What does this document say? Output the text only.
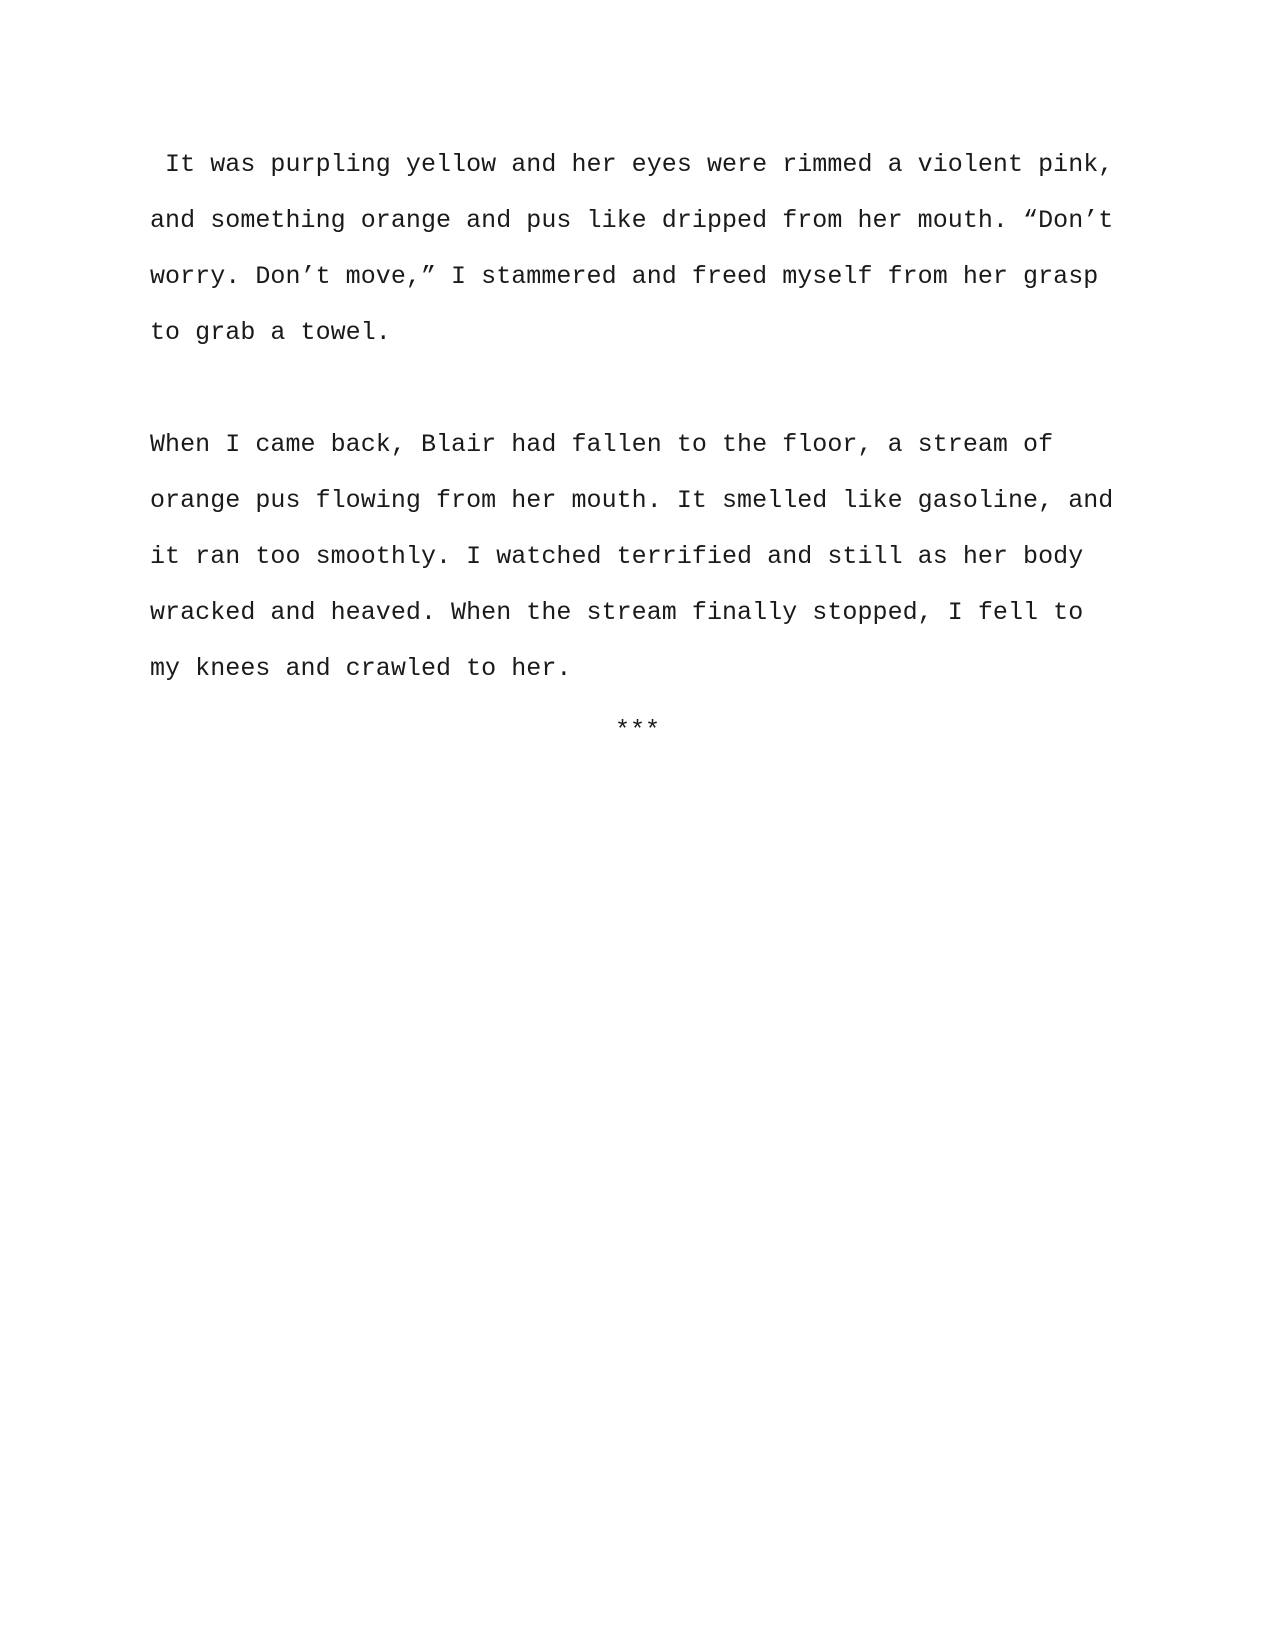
It was purpling yellow and her eyes were rimmed a violent pink,

and something orange and pus like dripped from her mouth. “Don’t

worry. Don’t move,” I stammered and freed myself from her grasp

to grab a towel.

When I came back, Blair had fallen to the floor, a stream of

orange pus flowing from her mouth. It smelled like gasoline, and

it ran too smoothly. I watched terrified and still as her body

wracked and heaved. When the stream finally stopped, I fell to

my knees and crawled to her.

***
